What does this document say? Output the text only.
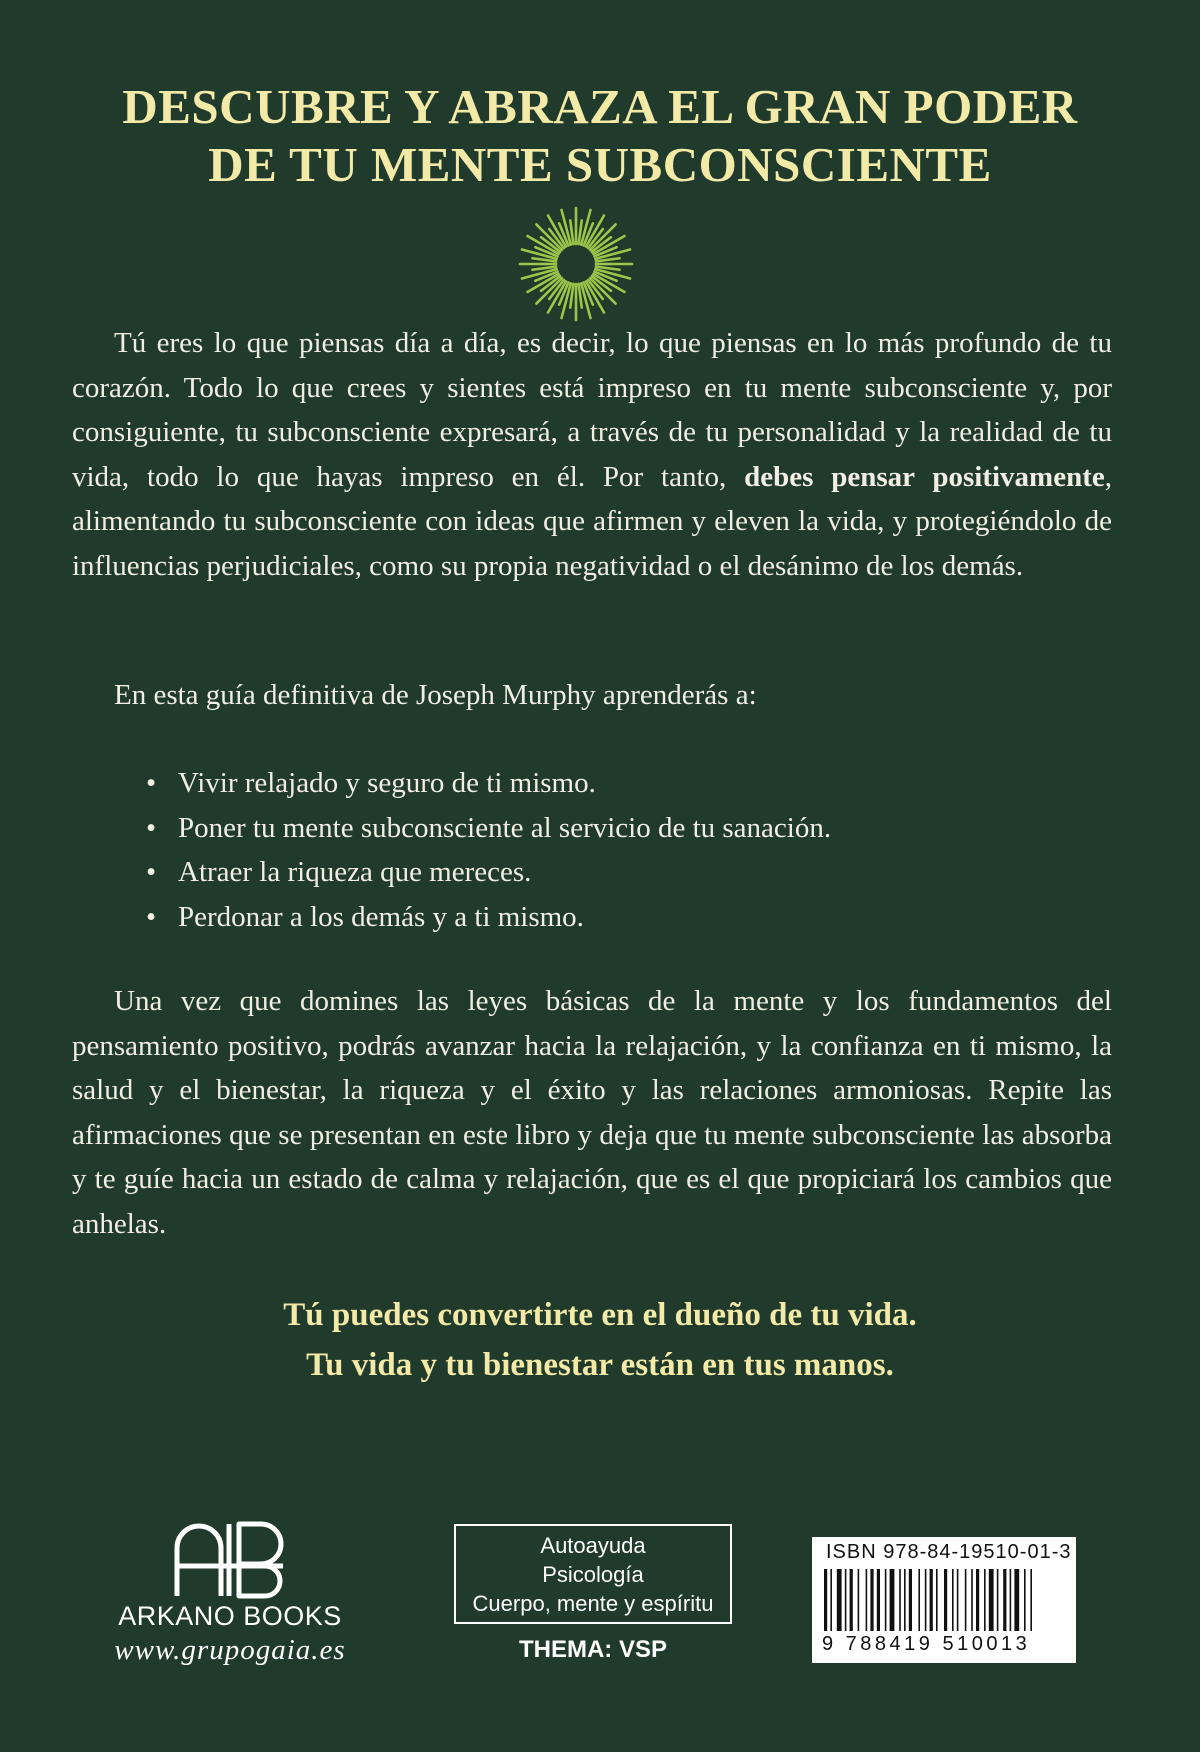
DESCUBRE Y ABRAZA EL GRAN PODER
DE TU MENTE SUBCONSCIENTE
Tú eres lo que piensas día a día, es decir, lo que piensas en lo más profundo de tu corazón. Todo lo que crees y sientes está impreso en tu mente subconsciente y, por consiguiente, tu subconsciente expresará, a través de tu personalidad y la realidad de tu vida, todo lo que hayas impreso en él. Por tanto, debes pensar positivamente, alimentando tu subconsciente con ideas que afirmen y eleven la vida, y protegiéndolo de influencias perjudiciales, como su propia negatividad o el desánimo de los demás.
En esta guía definitiva de Joseph Murphy aprenderás a:
• Vivir relajado y seguro de ti mismo.
• Poner tu mente subconsciente al servicio de tu sanación.
• Atraer la riqueza que mereces.
• Perdonar a los demás y a ti mismo.
Una vez que domines las leyes básicas de la mente y los fundamentos del pensamiento positivo, podrás avanzar hacia la relajación, y la confianza en ti mismo, la salud y el bienestar, la riqueza y el éxito y las relaciones armoniosas. Repite las afirmaciones que se presentan en este libro y deja que tu mente subconsciente las absorba y te guíe hacia un estado de calma y relajación, que es el que propiciará los cambios que anhelas.
Tú puedes convertirte en el dueño de tu vida.
Tu vida y tu bienestar están en tus manos.
ARKANO BOOKS
www.grupogaia.es
Autoayuda
Psicología
Cuerpo, mente y espíritu
THEMA: VSP
ISBN 978-84-19510-01-3
9 788419 510013
